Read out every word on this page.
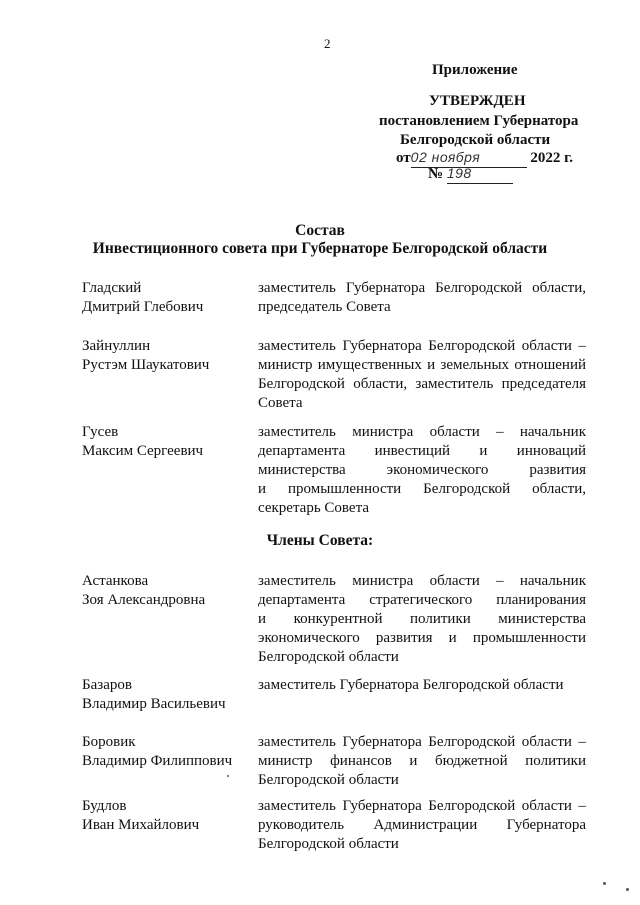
2
Приложение
УТВЕРЖДЕН
постановлением Губернатора
Белгородской области
от02 ноября	2022 г.
№ 198
Состав
Инвестиционного совета при Губернаторе Белгородской области
Гладский
Дмитрий Глебович
заместитель Губернатора Белгородской области,
председатель Совета
Зайнуллин
Рустэм Шаукатович
заместитель Губернатора Белгородской области –
министр имущественных и земельных отношений
Белгородской области, заместитель председателя
Совета
Гусев
Максим Сергеевич
заместитель министра области – начальник
департамента инвестиций и инноваций
министерства экономического развития
и промышленности Белгородской области,
секретарь Совета
Члены Совета:
Астанкова
Зоя Александровна
заместитель министра области – начальник
департамента стратегического планирования
и конкурентной политики министерства
экономического развития и промышленности
Белгородской области
Базаров
Владимир Васильевич
заместитель Губернатора Белгородской области
Боровик
Владимир Филиппович
заместитель Губернатора Белгородской области –
министр финансов и бюджетной политики
Белгородской области
Будлов
Иван Михайлович
заместитель Губернатора Белгородской области –
руководитель Администрации Губернатора
Белгородской области
